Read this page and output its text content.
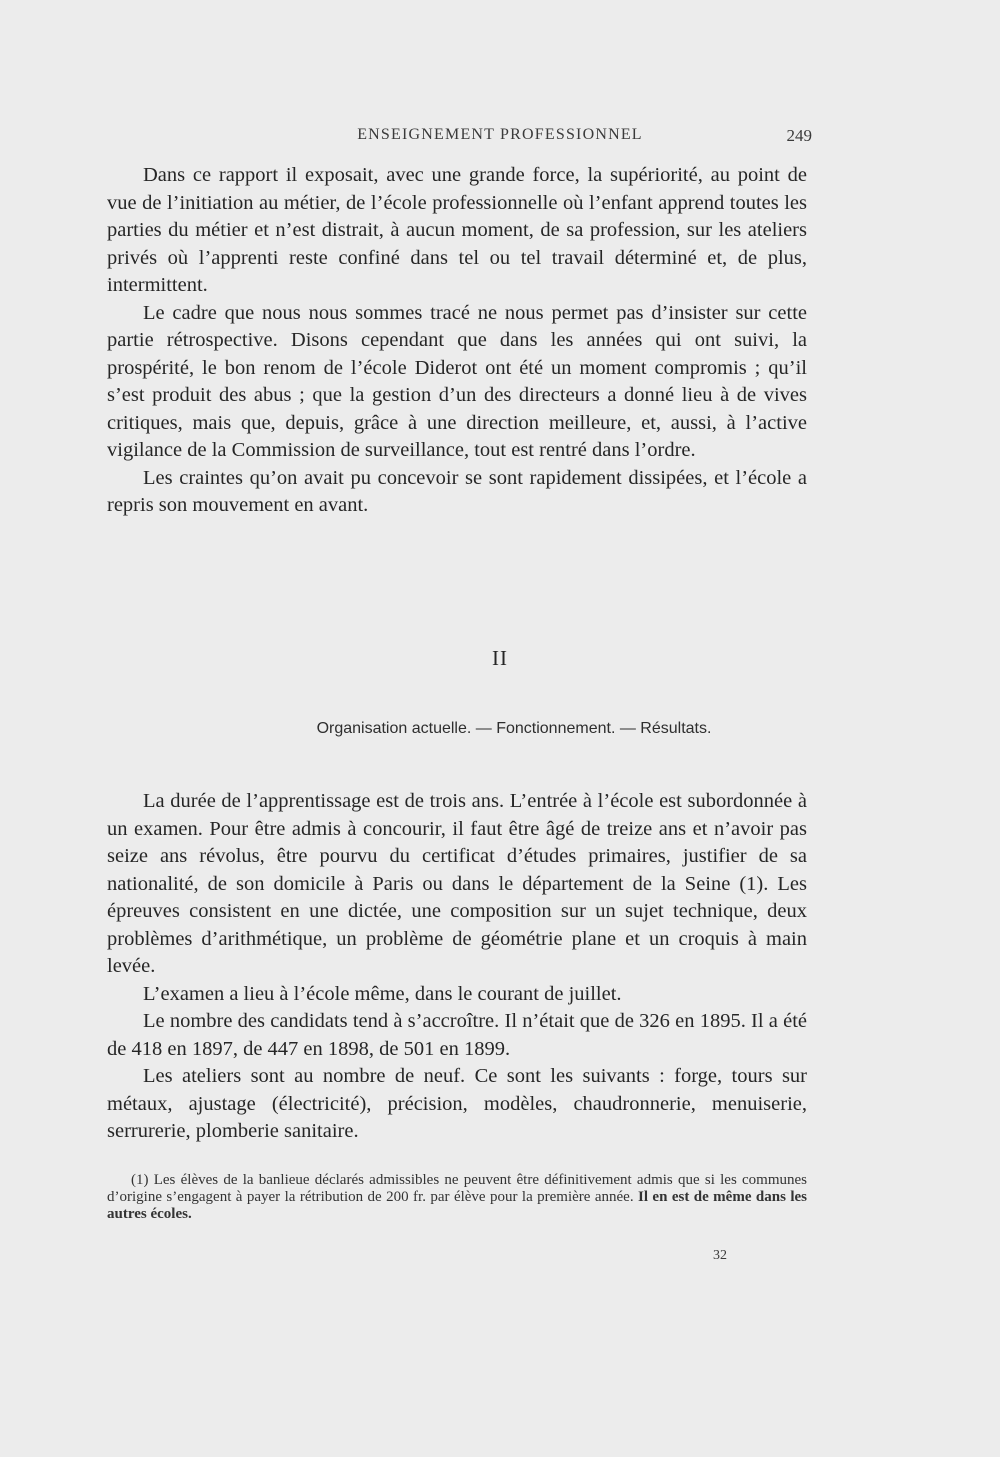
ENSEIGNEMENT PROFESSIONNEL	249

Dans ce rapport il exposait, avec une grande force, la supériorité, au point de vue de l’initiation au métier, de l’école professionnelle où l’enfant apprend toutes les parties du métier et n’est distrait, à aucun moment, de sa profession, sur les ateliers privés où l’apprenti reste confiné dans tel ou tel travail déterminé et, de plus, intermittent.

Le cadre que nous nous sommes tracé ne nous permet pas d’insister sur cette partie rétrospective. Disons cependant que dans les années qui ont suivi, la prospérité, le bon renom de l’école Diderot ont été un moment compromis ; qu’il s’est produit des abus ; que la gestion d’un des directeurs a donné lieu à de vives critiques, mais que, depuis, grâce à une direction meilleure, et, aussi, à l’active vigilance de la Commission de surveillance, tout est rentré dans l’ordre.

Les craintes qu’on avait pu concevoir se sont rapidement dissipées, et l’école a repris son mouvement en avant.

II
Organisation actuelle. — Fonctionnement. — Résultats.

La durée de l’apprentissage est de trois ans. L’entrée à l’école est subordonnée à un examen. Pour être admis à concourir, il faut être âgé de treize ans et n’avoir pas seize ans révolus, être pourvu du certificat d’études primaires, justifier de sa nationalité, de son domicile à Paris ou dans le département de la Seine (1). Les épreuves consistent en une dictée, une composition sur un sujet technique, deux problèmes d’arithmétique, un problème de géométrie plane et un croquis à main levée.

L’examen a lieu à l’école même, dans le courant de juillet.

Le nombre des candidats tend à s’accroître. Il n’était que de 326 en 1895. Il a été de 418 en 1897, de 447 en 1898, de 501 en 1899.

Les ateliers sont au nombre de neuf. Ce sont les suivants : forge, tours sur métaux, ajustage (électricité), précision, modèles, chaudronnerie, menuiserie, serrurerie, plomberie sanitaire.

(1) Les élèves de la banlieue déclarés admissibles ne peuvent être définitivement admis que si les communes d’origine s’engagent à payer la rétribution de 200 fr. par élève pour la première année. Il en est de même dans les autres écoles.

32
